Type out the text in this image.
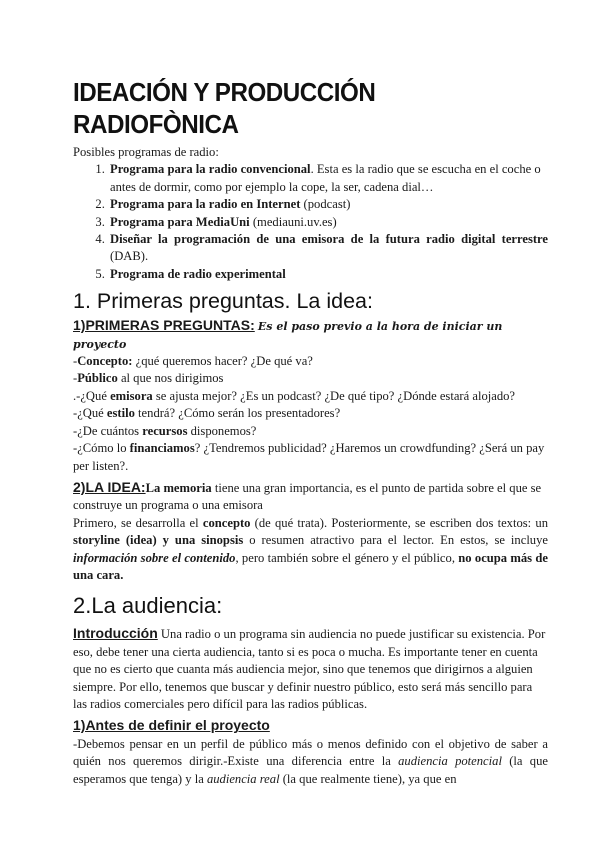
IDEACIÓN Y PRODUCCIÓN RADIOFÒNICA

Posibles programas de radio:

1. Programa para la radio convencional. Esta es la radio que se escucha en el coche o antes de dormir, como por ejemplo la cope, la ser, cadena dial…
2. Programa para la radio en Internet (podcast)
3. Programa para MediaUni (mediauni.uv.es)
4. Diseñar la programación de una emisora de la futura radio digital terrestre (DAB).
5. Programa de radio experimental
1. Primeras preguntas. La idea:

1)PRIMERAS PREGUNTAS: Es el paso previo a la hora de iniciar un proyecto

-Concepto: ¿qué queremos hacer? ¿De qué va?

-Público al que nos dirigimos

.-¿Qué emisora se ajusta mejor? ¿Es un podcast? ¿De qué tipo? ¿Dónde estará alojado?

-¿Qué estilo tendrá? ¿Cómo serán los presentadores?

-¿De cuántos recursos disponemos?

-¿Cómo lo financiamos? ¿Tendremos publicidad? ¿Haremos un crowdfunding? ¿Será un pay per listen?.

2)LA IDEA:La memoria tiene una gran importancia, es el punto de partida sobre el que se construye un programa o una emisora

Primero, se desarrolla el concepto (de qué trata). Posteriormente, se escriben dos textos: un storyline (idea) y una sinopsis o resumen atractivo para el lector. En estos, se incluye información sobre el contenido, pero también sobre el género y el público, no ocupa más de una cara.

2.La audiencia:

Introducción Una radio o un programa sin audiencia no puede justificar su existencia. Por eso, debe tener una cierta audiencia, tanto si es poca o mucha. Es importante tener en cuenta que no es cierto que cuanta más audiencia mejor, sino que tenemos que dirigirnos a alguien siempre. Por ello, tenemos que buscar y definir nuestro público, esto será más sencillo para las radios comerciales pero difícil para las radios públicas.

1)Antes de definir el proyecto

-Debemos pensar en un perfil de público más o menos definido con el objetivo de saber a quién nos queremos dirigir.-Existe una diferencia entre la audiencia potencial (la que esperamos que tenga) y la audiencia real (la que realmente tiene), ya que en
